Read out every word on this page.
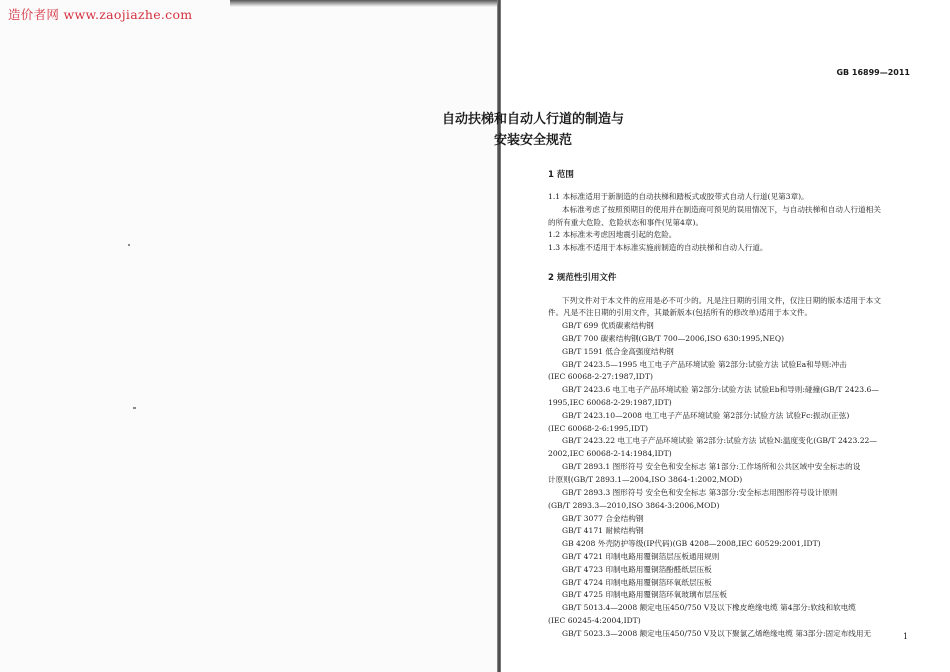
造价者网 www.zaojiazhe.com
GB 16899—2011
自动扶梯和自动人行道的制造与
安装安全规范
1 范围
1.1 本标准适用于新制造的自动扶梯和踏板式或胶带式自动人行道(见第3章)。
本标准考虑了按照预期目的使用并在制造商可预见的误用情况下，与自动扶梯和自动人行道相关
的所有重大危险、危险状态和事件(见第4章)。
1.2 本标准未考虑因地震引起的危险。
1.3 本标准不适用于本标准实施前制造的自动扶梯和自动人行道。
2 规范性引用文件
下列文件对于本文件的应用是必不可少的。凡是注日期的引用文件，仅注日期的版本适用于本文
件。凡是不注日期的引用文件，其最新版本(包括所有的修改单)适用于本文件。
GB/T 699 优质碳素结构钢
GB/T 700 碳素结构钢(GB/T 700—2006,ISO 630:1995,NEQ)
GB/T 1591 低合金高强度结构钢
GB/T 2423.5—1995 电工电子产品环境试验 第2部分:试验方法 试验Ea和导则:冲击
(IEC 60068-2-27:1987,IDT)
GB/T 2423.6 电工电子产品环境试验 第2部分:试验方法 试验Eb和导则:碰撞(GB/T 2423.6—
1995,IEC 60068-2-29:1987,IDT)
GB/T 2423.10—2008 电工电子产品环境试验 第2部分:试验方法 试验Fc:振动(正弦)
(IEC 60068-2-6:1995,IDT)
GB/T 2423.22 电工电子产品环境试验 第2部分:试验方法 试验N:温度变化(GB/T 2423.22—
2002,IEC 60068-2-14:1984,IDT)
GB/T 2893.1 图形符号 安全色和安全标志 第1部分:工作场所和公共区域中安全标志的设
计原则(GB/T 2893.1—2004,ISO 3864-1:2002,MOD)
GB/T 2893.3 图形符号 安全色和安全标志 第3部分:安全标志用图形符号设计原则
(GB/T 2893.3—2010,ISO 3864-3:2006,MOD)
GB/T 3077 合金结构钢
GB/T 4171 耐候结构钢
GB 4208 外壳防护等级(IP代码)(GB 4208—2008,IEC 60529:2001,IDT)
GB/T 4721 印制电路用覆铜箔层压板通用规则
GB/T 4723 印制电路用覆铜箔酚醛纸层压板
GB/T 4724 印制电路用覆铜箔环氧纸层压板
GB/T 4725 印制电路用覆铜箔环氧玻璃布层压板
GB/T 5013.4—2008 额定电压450/750 V及以下橡皮绝缘电缆 第4部分:软线和软电缆
(IEC 60245-4:2004,IDT)
GB/T 5023.3—2008 额定电压450/750 V及以下聚氯乙烯绝缘电缆 第3部分:固定布线用无	1
